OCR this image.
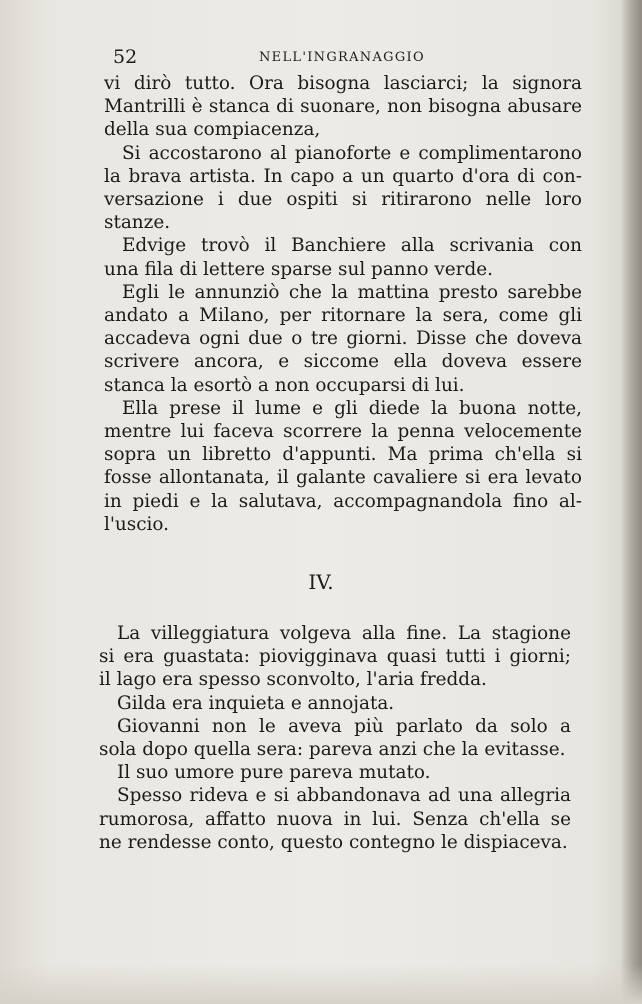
52	NELL'INGRANAGGIO
vi dirò tutto. Ora bisogna lasciarci; la signora
Mantrilli è stanca di suonare, non bisogna abusare
della sua compiacenza,
Si accostarono al pianoforte e complimentarono
la brava artista. In capo a un quarto d'ora di con-
versazione i due ospiti si ritirarono nelle loro
stanze.
Edvige trovò il Banchiere alla scrivania con
una fila di lettere sparse sul panno verde.
Egli le annunziò che la mattina presto sarebbe
andato a Milano, per ritornare la sera, come gli
accadeva ogni due o tre giorni. Disse che doveva
scrivere ancora, e siccome ella doveva essere
stanca la esortò a non occuparsi di lui.
Ella prese il lume e gli diede la buona notte,
mentre lui faceva scorrere la penna velocemente
sopra un libretto d'appunti. Ma prima ch'ella si
fosse allontanata, il galante cavaliere si era levato
in piedi e la salutava, accompagnandola fino al-
l'uscio.
IV.
La villeggiatura volgeva alla fine. La stagione
si era guastata: piovigginava quasi tutti i giorni;
il lago era spesso sconvolto, l'aria fredda.
Gilda era inquieta e annojata.
Giovanni non le aveva più parlato da solo a
sola dopo quella sera: pareva anzi che la evitasse.
Il suo umore pure pareva mutato.
Spesso rideva e si abbandonava ad una allegria
rumorosa, affatto nuova in lui. Senza ch'ella se
ne rendesse conto, questo contegno le dispiaceva.
